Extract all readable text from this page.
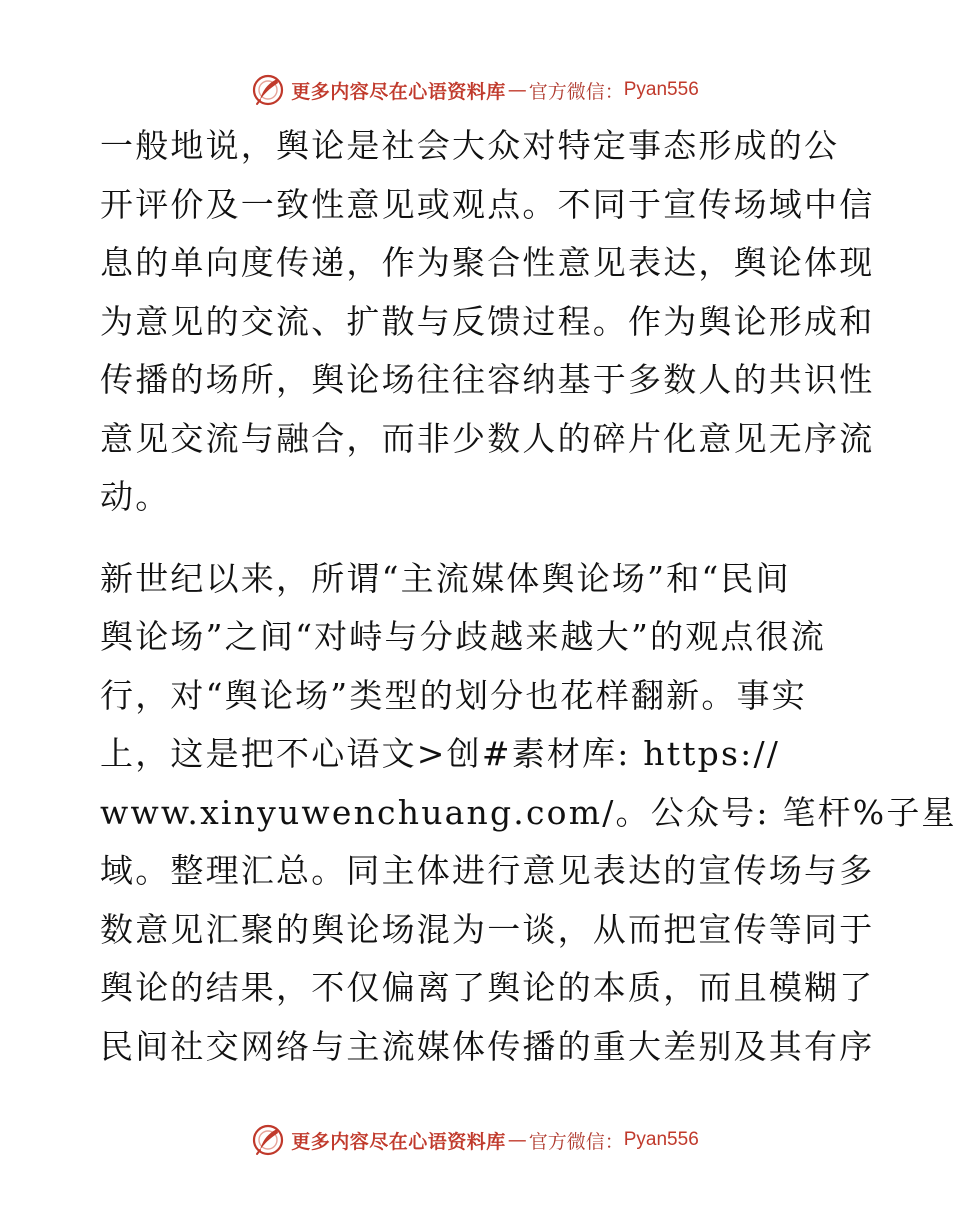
更多内容尽在心语资料库 — 官方微信： Pyan556
一般地说，舆论是社会大众对特定事态形成的公
开评价及一致性意见或观点。不同于宣传场域中信
息的单向度传递，作为聚合性意见表达，舆论体现
为意见的交流、扩散与反馈过程。作为舆论形成和
传播的场所，舆论场往往容纳基于多数人的共识性
意见交流与融合，而非少数人的碎片化意见无序流
动。
新世纪以来，所谓“主流媒体舆论场”和“民间
舆论场”之间“对峙与分歧越来越大”的观点很流
行，对“舆论场”类型的划分也花样翻新。事实
上，这是把不心语文>创#素材库: https://
www.xinyuwenchuang.com/。公众号: 笔杆%子星
域。整理汇总。同主体进行意见表达的宣传场与多
数意见汇聚的舆论场混为一谈，从而把宣传等同于
舆论的结果，不仅偏离了舆论的本质，而且模糊了
民间社交网络与主流媒体传播的重大差别及其有序
更多内容尽在心语资料库 — 官方微信： Pyan556
